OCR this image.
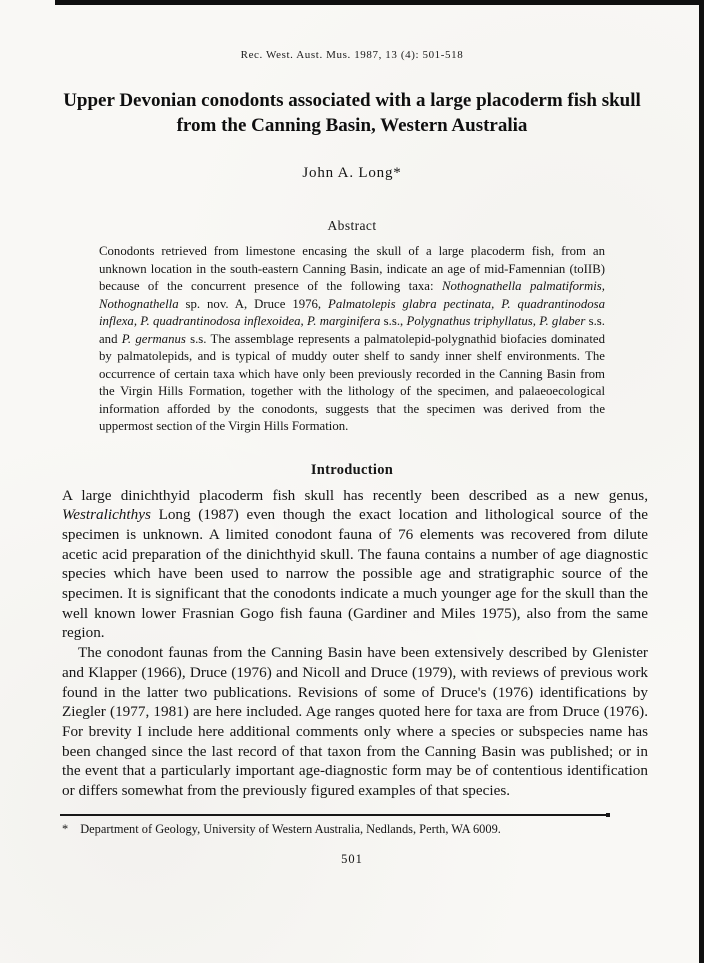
Rec. West. Aust. Mus. 1987, 13 (4): 501-518
Upper Devonian conodonts associated with a large placoderm fish skull from the Canning Basin, Western Australia
John A. Long*
Abstract

Conodonts retrieved from limestone encasing the skull of a large placoderm fish, from an unknown location in the south-eastern Canning Basin, indicate an age of mid-Famennian (toIIB) because of the concurrent presence of the following taxa: Nothognathella palmatiformis, Nothognathella sp. nov. A, Druce 1976, Palmatolepis glabra pectinata, P. quadrantinodosa inflexa, P. quadrantinodosa inflexoidea, P. marginifera s.s., Polygnathus triphyllatus, P. glaber s.s. and P. germanus s.s. The assemblage represents a palmatolepid-polygnathid biofacies dominated by palmatolepids, and is typical of muddy outer shelf to sandy inner shelf environments. The occurrence of certain taxa which have only been previously recorded in the Canning Basin from the Virgin Hills Formation, together with the lithology of the specimen, and palaeoecological information afforded by the conodonts, suggests that the specimen was derived from the uppermost section of the Virgin Hills Formation.

Introduction

A large dinichthyid placoderm fish skull has recently been described as a new genus, Westralichthys Long (1987) even though the exact location and lithological source of the specimen is unknown. A limited conodont fauna of 76 elements was recovered from dilute acetic acid preparation of the dinichthyid skull. The fauna contains a number of age diagnostic species which have been used to narrow the possible age and stratigraphic source of the specimen. It is significant that the conodonts indicate a much younger age for the skull than the well known lower Frasnian Gogo fish fauna (Gardiner and Miles 1975), also from the same region.

The conodont faunas from the Canning Basin have been extensively described by Glenister and Klapper (1966), Druce (1976) and Nicoll and Druce (1979), with reviews of previous work found in the latter two publications. Revisions of some of Druce's (1976) identifications by Ziegler (1977, 1981) are here included. Age ranges quoted here for taxa are from Druce (1976). For brevity I include here additional comments only where a species or subspecies name has been changed since the last record of that taxon from the Canning Basin was published; or in the event that a particularly important age-diagnostic form may be of contentious identification or differs somewhat from the previously figured examples of that species.

* Department of Geology, University of Western Australia, Nedlands, Perth, WA 6009.
501
